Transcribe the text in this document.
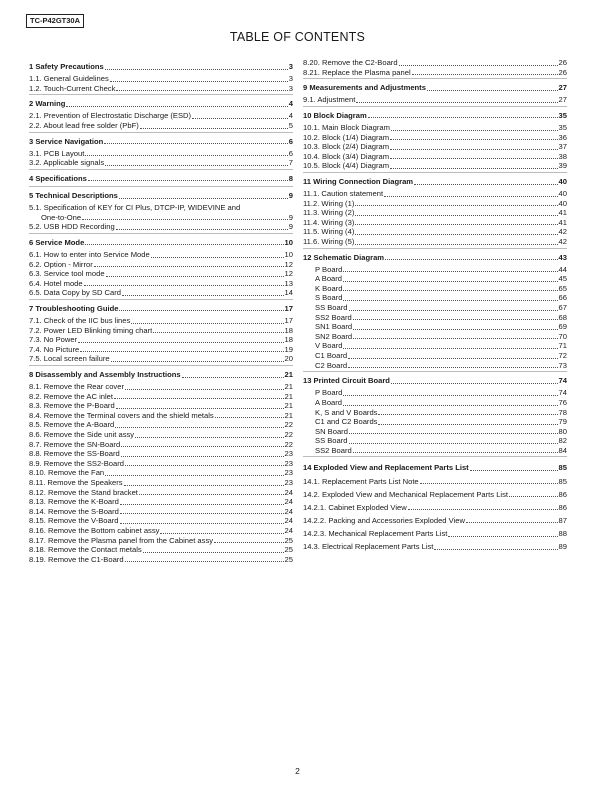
TC-P42GT30A
TABLE OF CONTENTS
1 Safety Precautions	3
1.1. General Guidelines	3
1.2. Touch-Current Check	3
2 Warning	4
2.1. Prevention of Electrostatic Discharge (ESD)	4
2.2. About lead free solder (PbF)	5
3 Service Navigation	6
3.1. PCB Layout	6
3.2. Applicable signals	7
4 Specifications	8
5 Technical Descriptions	9
5.1. Specification of KEY for CI Plus, DTCP-IP, WIDEVINE and
One-to-One	9
5.2. USB HDD Recording	9
6 Service Mode	10
6.1. How to enter into Service Mode	10
6.2. Option - Mirror	12
6.3. Service tool mode	12
6.4. Hotel mode	13
6.5. Data Copy by SD Card	14
7 Troubleshooting Guide	17
7.1. Check of the IIC bus lines	17
7.2. Power LED Blinking timing chart	18
7.3. No Power	18
7.4. No Picture	19
7.5. Local screen failure	20
8 Disassembly and Assembly Instructions	21
8.1. Remove the Rear cover	21
8.2. Remove the AC inlet	21
8.3. Remove the P-Board	21
8.4. Remove the Terminal covers and the shield metals	21
8.5. Remove the A-Board	22
8.6. Remove the Side unit assy	22
8.7. Remove the SN-Board	22
8.8. Remove the SS-Board	23
8.9. Remove the SS2-Board	23
8.10. Remove the Fan	23
8.11. Remove the Speakers	23
8.12. Remove the Stand bracket	24
8.13. Remove the K-Board	24
8.14. Remove the S-Board	24
8.15. Remove the V-Board	24
8.16. Remove the Bottom cabinet assy	24
8.17. Remove the Plasma panel from the Cabinet assy	25
8.18. Remove the Contact metals	25
8.19. Remove the C1-Board	25
8.20. Remove the C2-Board	26
8.21. Replace the Plasma panel	26
9 Measurements and Adjustments	27
9.1. Adjustment	27
10 Block Diagram	35
10.1. Main Block Diagram	35
10.2. Block (1/4) Diagram	36
10.3. Block (2/4) Diagram	37
10.4. Block (3/4) Diagram	38
10.5. Block (4/4) Diagram	39
11 Wiring Connection Diagram	40
11.1. Caution statement	40
11.2. Wiring (1)	40
11.3. Wiring (2)	41
11.4. Wiring (3)	41
11.5. Wiring (4)	42
11.6. Wiring (5)	42
12 Schematic Diagram	43
P Board	44
A Board	45
K Board	65
S Board	66
SS Board	67
SS2 Board	68
SN1 Board	69
SN2 Board	70
V Board	71
C1 Board	72
C2 Board	73
13 Printed Circuit Board	74
P Board	74
A Board	76
K, S and V Boards	78
C1 and C2 Boards	79
SN Board	80
SS Board	82
SS2 Board	84
14 Exploded View and Replacement Parts List	85
14.1. Replacement Parts List Note	85
14.2. Exploded View and Mechanical Replacement Parts List	86
14.2.1. Cabinet Exploded View	86
14.2.2. Packing and Accessories Exploded View	87
14.2.3. Mechanical Replacement Parts List	88
14.3. Electrical Replacement Parts List	89
2
